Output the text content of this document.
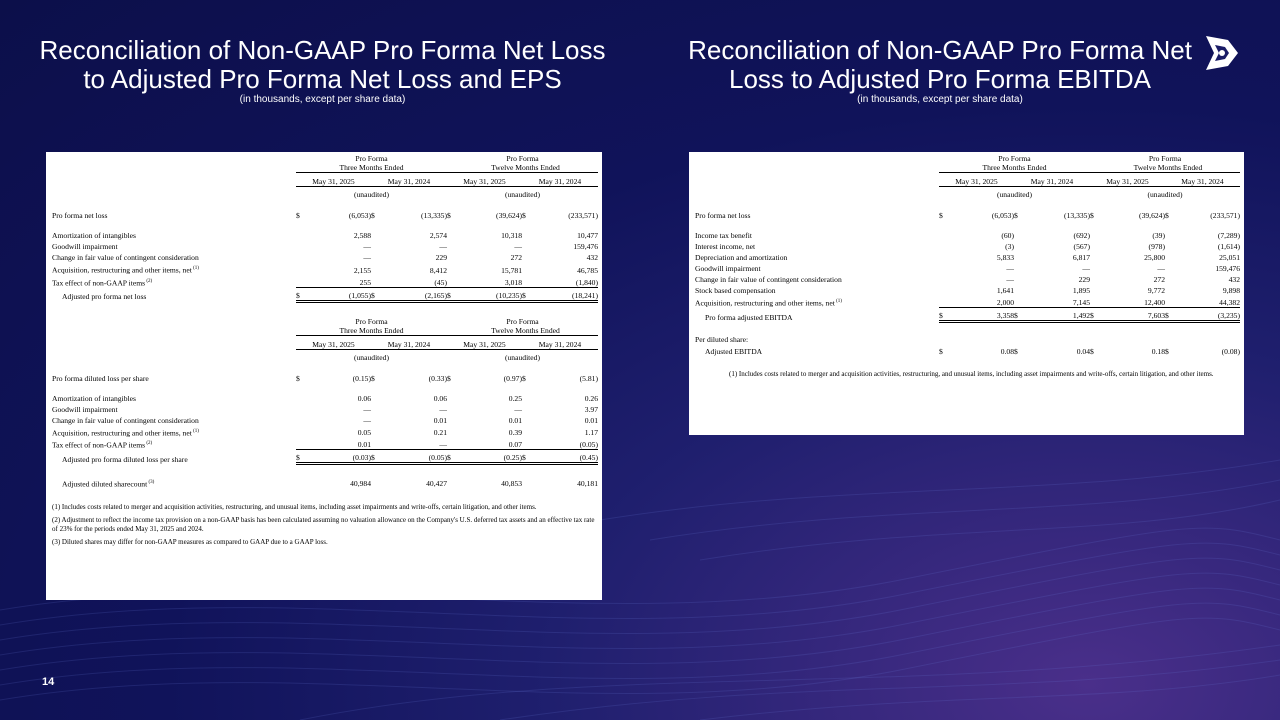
Reconciliation of Non-GAAP Pro Forma Net Loss to Adjusted Pro Forma Net Loss and EPS
(in thousands, except per share data)
Reconciliation of Non-GAAP Pro Forma Net Loss to Adjusted Pro Forma EBITDA
(in thousands, except per share data)
	Pro Forma				Pro Forma			
	Three Months Ended				Twelve Months Ended			
	May 31, 2025		May 31, 2024		May 31, 2025		May 31, 2024	
	(unaudited)				(unaudited)			
Pro forma net loss	$	(6,053)	$	(13,335)	$	(39,624)	$	(233,571)
Amortization of intangibles		2,588		2,574		10,318		10,477
Goodwill impairment		—		—		—		159,476
Change in fair value of contingent consideration		—		229		272		432
Acquisition, restructuring and other items, net $^{(1)}$		2,155		8,412		15,781		46,785
Tax effect of non-GAAP items $^{(2)}$		255		(45)		3,018		(1,840)
Adjusted pro forma net loss	$	(1,055)	$	(2,165)	$	(10,235)	$	(18,241)
	Pro Forma				Pro Forma			
	Three Months Ended				Twelve Months Ended			
	May 31, 2025		May 31, 2024		May 31, 2025		May 31, 2024	
	(unaudited)				(unaudited)			
Pro forma diluted loss per share	$	(0.15)	$	(0.33)	$	(0.97)	$	(5.81)
Amortization of intangibles		0.06		0.06		0.25		0.26
Goodwill impairment		—		—		—		3.97
Change in fair value of contingent consideration		—		0.01		0.01		0.01
Acquisition, restructuring and other items, net $^{(1)}$		0.05		0.21		0.39		1.17
Tax effect of non-GAAP items $^{(2)}$		0.01		—		0.07		(0.05)
Adjusted pro forma diluted loss per share	$	(0.03)	$	(0.05)	$	(0.25)	$	(0.45)
Adjusted diluted sharecount $^{(3)}$		40,984		40,427		40,853		40,181
(1) Includes costs related to merger and acquisition activities, restructuring, and unusual items, including asset impairments and write-offs, certain litigation, and other items.
(2) Adjustment to reflect the income tax provision on a non-GAAP basis has been calculated assuming no valuation allowance on the Company's U.S. deferred tax assets and an effective tax rate of 23% for the periods ended May 31, 2025 and 2024.
(3) Diluted shares may differ for non-GAAP measures as compared to GAAP due to a GAAP loss.
	Pro Forma				Pro Forma			
	Three Months Ended				Twelve Months Ended			
	May 31, 2025		May 31, 2024		May 31, 2025		May 31, 2024	
	(unaudited)				(unaudited)			
Pro forma net loss	$	(6,053)	$	(13,335)	$	(39,624)	$	(233,571)
Income tax benefit		(60)		(692)		(39)		(7,289)
Interest income, net		(3)		(567)		(978)		(1,614)
Depreciation and amortization		5,833		6,817		25,800		25,051
Goodwill impairment		—		—		—		159,476
Change in fair value of contingent consideration		—		229		272		432
Stock based compensation		1,641		1,895		9,772		9,898
Acquisition, restructuring and other items, net $^{(1)}$		2,000		7,145		12,400		44,382
Pro forma adjusted EBITDA	$	3,358	$	1,492	$	7,603	$	(3,235)
Per diluted share:								
Adjusted EBITDA	$	0.08	$	0.04	$	0.18	$	(0.08)
(1) Includes costs related to merger and acquisition activities, restructuring, and unusual items, including asset impairments and write-offs, certain litigation, and other items.
14
